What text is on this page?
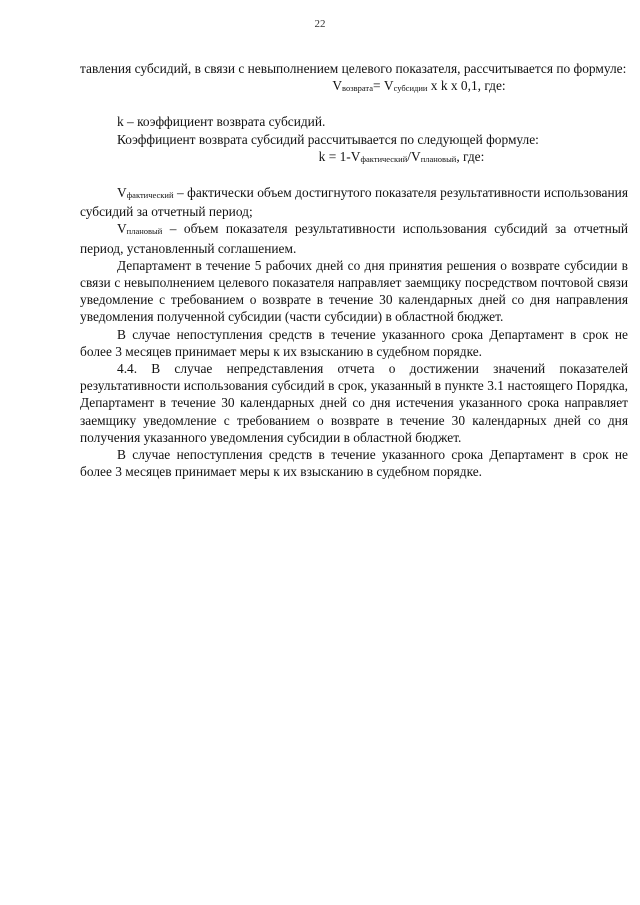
22

тавления субсидий, в связи с невыполнением целевого показателя, рассчитывается по формуле:

Vвозврата= Vсубсидии х k х 0,1, где:

k – коэффициент возврата субсидий.

Коэффициент возврата субсидий рассчитывается по следующей формуле:

k = 1-Vфактический/Vплановый, где:

Vфактический – фактически объем достигнутого показателя результативности использования субсидий за отчетный период;

Vплановый – объем показателя результативности использования субсидий за отчетный период, установленный соглашением.

Департамент в течение 5 рабочих дней со дня принятия решения о возврате субсидии в связи с невыполнением целевого показателя направляет заемщику посредством почтовой связи уведомление с требованием о возврате в течение 30 календарных дней со дня направления уведомления полученной субсидии (части субсидии) в областной бюджет.

В случае непоступления средств в течение указанного срока Департамент в срок не более 3 месяцев принимает меры к их взысканию в судебном порядке.

4.4. В случае непредставления отчета о достижении значений показателей результативности использования субсидий в срок, указанный в пункте 3.1 настоящего Порядка, Департамент в течение 30 календарных дней со дня истечения указанного срока направляет заемщику уведомление с требованием о возврате в течение 30 календарных дней со дня получения указанного уведомления субсидии в областной бюджет.

В случае непоступления средств в течение указанного срока Департамент в срок не более 3 месяцев принимает меры к их взысканию в судебном порядке.
